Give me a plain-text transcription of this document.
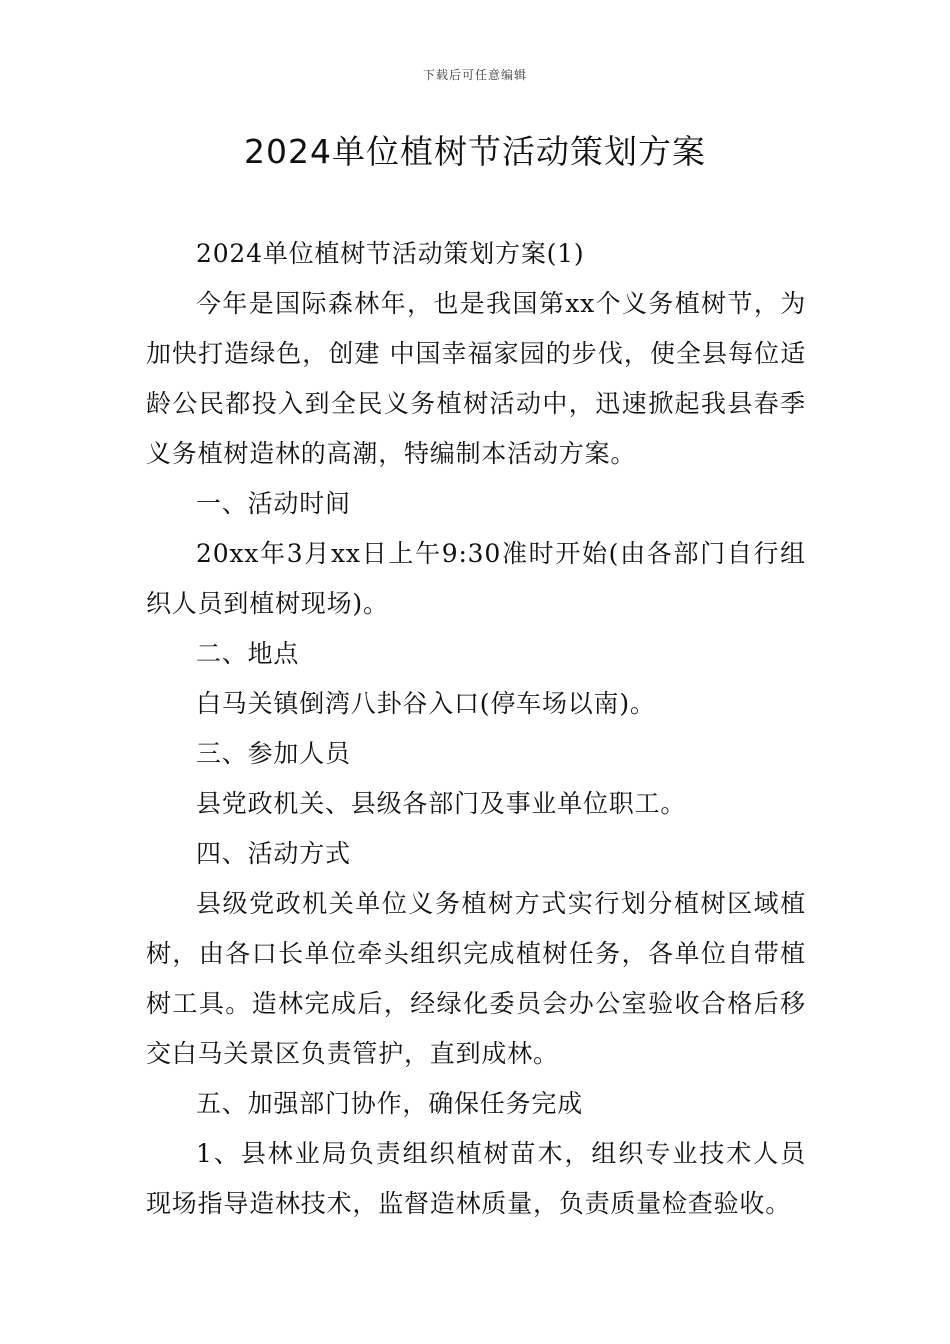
下载后可任意编辑
2024单位植树节活动策划方案

2024单位植树节活动策划方案(1)

今年是国际森林年，也是我国第xx个义务植树节，为加快打造绿色，创建 中国幸福家园的步伐，使全县每位适龄公民都投入到全民义务植树活动中，迅速掀起我县春季义务植树造林的高潮，特编制本活动方案。

一、活动时间

20xx年3月xx日上午9:30准时开始(由各部门自行组织人员到植树现场)。

二、地点

白马关镇倒湾八卦谷入口(停车场以南)。

三、参加人员

县党政机关、县级各部门及事业单位职工。

四、活动方式

县级党政机关单位义务植树方式实行划分植树区域植树，由各口长单位牵头组织完成植树任务，各单位自带植树工具。造林完成后，经绿化委员会办公室验收合格后移交白马关景区负责管护，直到成林。

五、加强部门协作，确保任务完成

1、县林业局负责组织植树苗木，组织专业技术人员现场指导造林技术，监督造林质量，负责质量检查验收。
